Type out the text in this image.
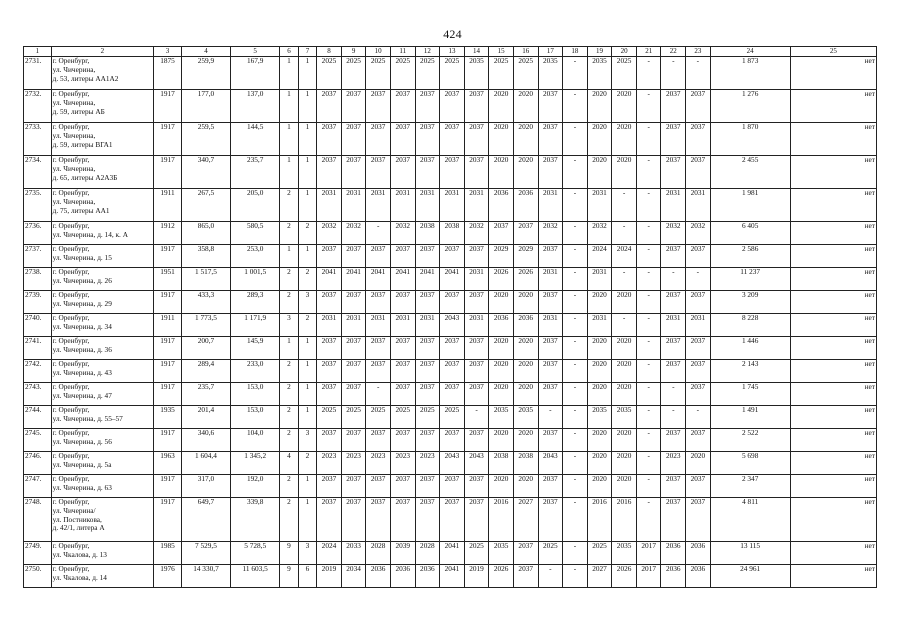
424
1	2	3	4	5	6	7	8	9	10	11	12	13	14	15	16	17	18	19	20	21	22	23	24	25
2731.	г. Оренбург,
ул. Чичерина,
д. 53, литеры АА1А2	1875	259,9	167,9	1	1	2025	2025	2025	2025	2025	2025	2035	2025	2025	2035	-	2035	2025	-	-	-	1 873	нет
2732.	г. Оренбург,
ул. Чичерина,
д. 59, литеры АБ	1917	177,0	137,0	1	1	2037	2037	2037	2037	2037	2037	2037	2020	2020	2037	-	2020	2020	-	2037	2037	1 276	нет
2733.	г. Оренбург,
ул. Чичерина,
д. 59, литеры ВГА1	1917	259,5	144,5	1	1	2037	2037	2037	2037	2037	2037	2037	2020	2020	2037	-	2020	2020	-	2037	2037	1 870	нет
2734.	г. Оренбург,
ул. Чичерина,
д. 65, литеры А2А3Б	1917	340,7	235,7	1	1	2037	2037	2037	2037	2037	2037	2037	2020	2020	2037	-	2020	2020	-	2037	2037	2 455	нет
2735.	г. Оренбург,
ул. Чичерина,
д. 75, литеры АА1	1911	267,5	205,0	2	1	2031	2031	2031	2031	2031	2031	2031	2036	2036	2031	-	2031	-	-	2031	2031	1 981	нет
2736.	г. Оренбург,
ул. Чичерина, д. 14, к. А	1912	865,0	580,5	2	2	2032	2032	-	2032	2038	2038	2032	2037	2037	2032	-	2032	-	-	2032	2032	6 405	нет
2737.	г. Оренбург,
ул. Чичерина, д. 15	1917	358,8	253,0	1	1	2037	2037	2037	2037	2037	2037	2037	2029	2029	2037	-	2024	2024	-	2037	2037	2 586	нет
2738.	г. Оренбург,
ул. Чичерина, д. 26	1951	1 517,5	1 001,5	2	2	2041	2041	2041	2041	2041	2041	2031	2026	2026	2031	-	2031	-	-	-	-	11 237	нет
2739.	г. Оренбург,
ул. Чичерина, д. 29	1917	433,3	289,3	2	3	2037	2037	2037	2037	2037	2037	2037	2020	2020	2037	-	2020	2020	-	2037	2037	3 209	нет
2740.	г. Оренбург,
ул. Чичерина, д. 34	1911	1 773,5	1 171,9	3	2	2031	2031	2031	2031	2031	2043	2031	2036	2036	2031	-	2031	-	-	2031	2031	8 228	нет
2741.	г. Оренбург,
ул. Чичерина, д. 36	1917	200,7	145,9	1	1	2037	2037	2037	2037	2037	2037	2037	2020	2020	2037	-	2020	2020	-	2037	2037	1 446	нет
2742.	г. Оренбург,
ул. Чичерина, д. 43	1917	289,4	233,0	2	1	2037	2037	2037	2037	2037	2037	2037	2020	2020	2037	-	2020	2020	-	2037	2037	2 143	нет
2743.	г. Оренбург,
ул. Чичерина, д. 47	1917	235,7	153,0	2	1	2037	2037	-	2037	2037	2037	2037	2020	2020	2037	-	2020	2020	-	-	2037	1 745	нет
2744.	г. Оренбург,
ул. Чичерина, д. 55–57	1935	201,4	153,0	2	1	2025	2025	2025	2025	2025	2025	-	2035	2035	-	-	2035	2035	-	-	-	1 491	нет
2745.	г. Оренбург,
ул. Чичерина, д. 56	1917	340,6	104,0	2	3	2037	2037	2037	2037	2037	2037	2037	2020	2020	2037	-	2020	2020	-	2037	2037	2 522	нет
2746.	г. Оренбург,
ул. Чичерина, д. 5а	1963	1 604,4	1 345,2	4	2	2023	2023	2023	2023	2023	2043	2043	2038	2038	2043	-	2020	2020	-	2023	2020	5 698	нет
2747.	г. Оренбург,
ул. Чичерина, д. 63	1917	317,0	192,0	2	1	2037	2037	2037	2037	2037	2037	2037	2020	2020	2037	-	2020	2020	-	2037	2037	2 347	нет
2748.	г. Оренбург,
ул. Чичерина/
ул. Постникова,
д. 42/1, литера А	1917	649,7	339,8	2	1	2037	2037	2037	2037	2037	2037	2037	2016	2027	2037	-	2016	2016	-	2037	2037	4 811	нет
2749.	г. Оренбург,
ул. Чкалова, д. 13	1985	7 529,5	5 728,5	9	3	2024	2033	2028	2039	2028	2041	2025	2035	2037	2025	-	2025	2035	2017	2036	2036	13 115	нет
2750.	г. Оренбург,
ул. Чкалова, д. 14	1976	14 330,7	11 603,5	9	6	2019	2034	2036	2036	2036	2041	2019	2026	2037	-	-	2027	2026	2017	2036	2036	24 961	нет
